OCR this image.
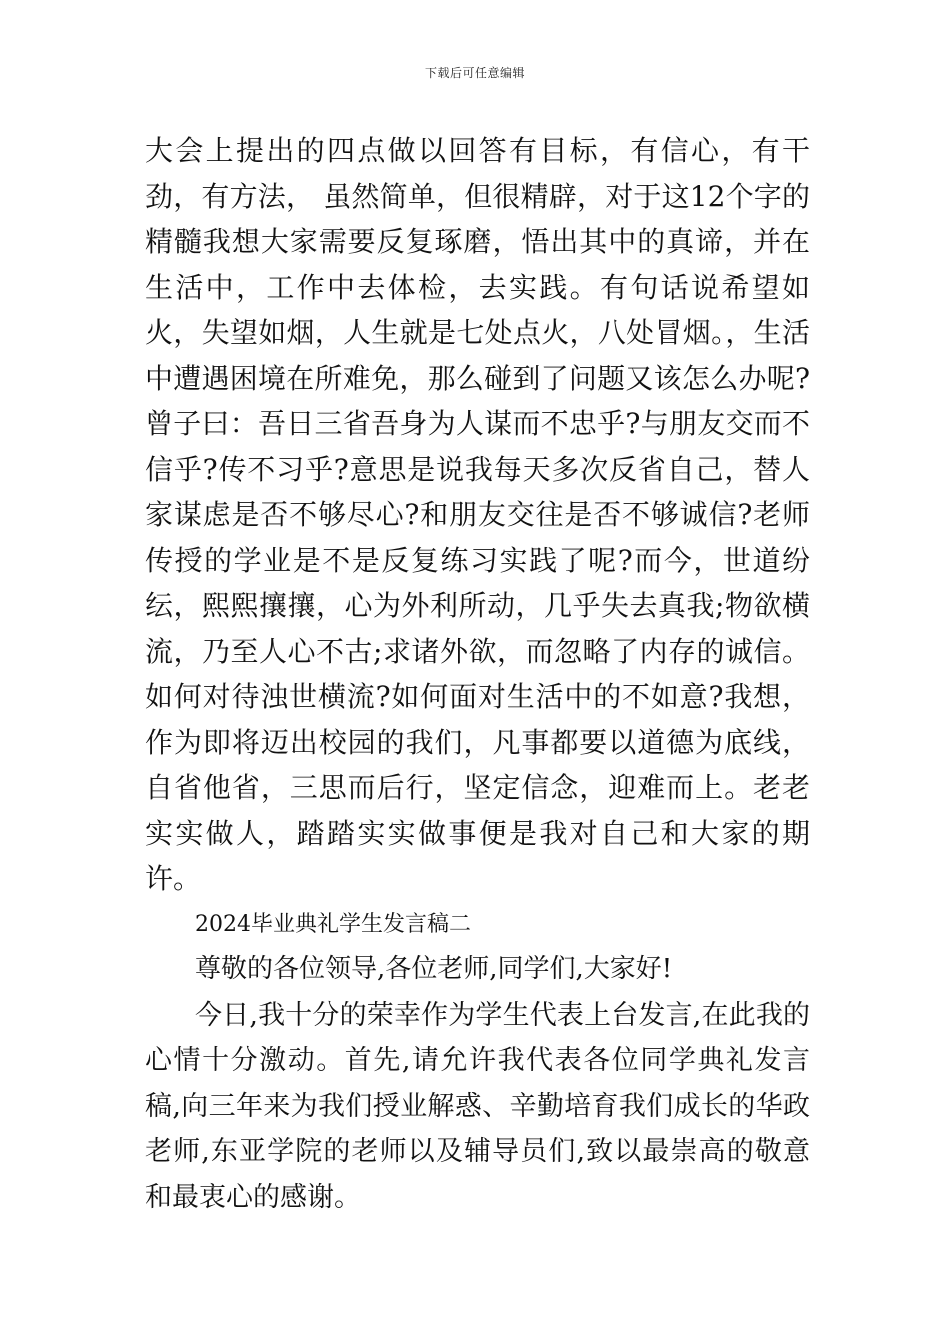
下载后可任意编辑

大会上提出的四点做以回答有目标，有信心，有干劲，有方法， 虽然简单，但很精辟，对于这12个字的精髓我想大家需要反复琢磨，悟出其中的真谛，并在生活中，工作中去体检，去实践。有句话说希望如火，失望如烟，人生就是七处点火，八处冒烟。，生活中遭遇困境在所难免，那么碰到了问题又该怎么办呢?曾子曰：吾日三省吾身为人谋而不忠乎?与朋友交而不信乎?传不习乎?意思是说我每天多次反省自己，替人家谋虑是否不够尽心?和朋友交往是否不够诚信?老师传授的学业是不是反复练习实践了呢?而今，世道纷纭，熙熙攘攘，心为外利所动，几乎失去真我;物欲横流，乃至人心不古;求诸外欲，而忽略了内存的诚信。如何对待浊世横流?如何面对生活中的不如意?我想，作为即将迈出校园的我们，凡事都要以道德为底线，自省他省，三思而后行，坚定信念，迎难而上。老老实实做人，踏踏实实做事便是我对自己和大家的期许。

2024毕业典礼学生发言稿二

尊敬的各位领导,各位老师,同学们,大家好!

今日,我十分的荣幸作为学生代表上台发言,在此我的心情十分激动。首先,请允许我代表各位同学典礼发言稿,向三年来为我们授业解惑、辛勤培育我们成长的华政老师,东亚学院的老师以及辅导员们,致以最崇高的敬意和最衷心的感谢。
